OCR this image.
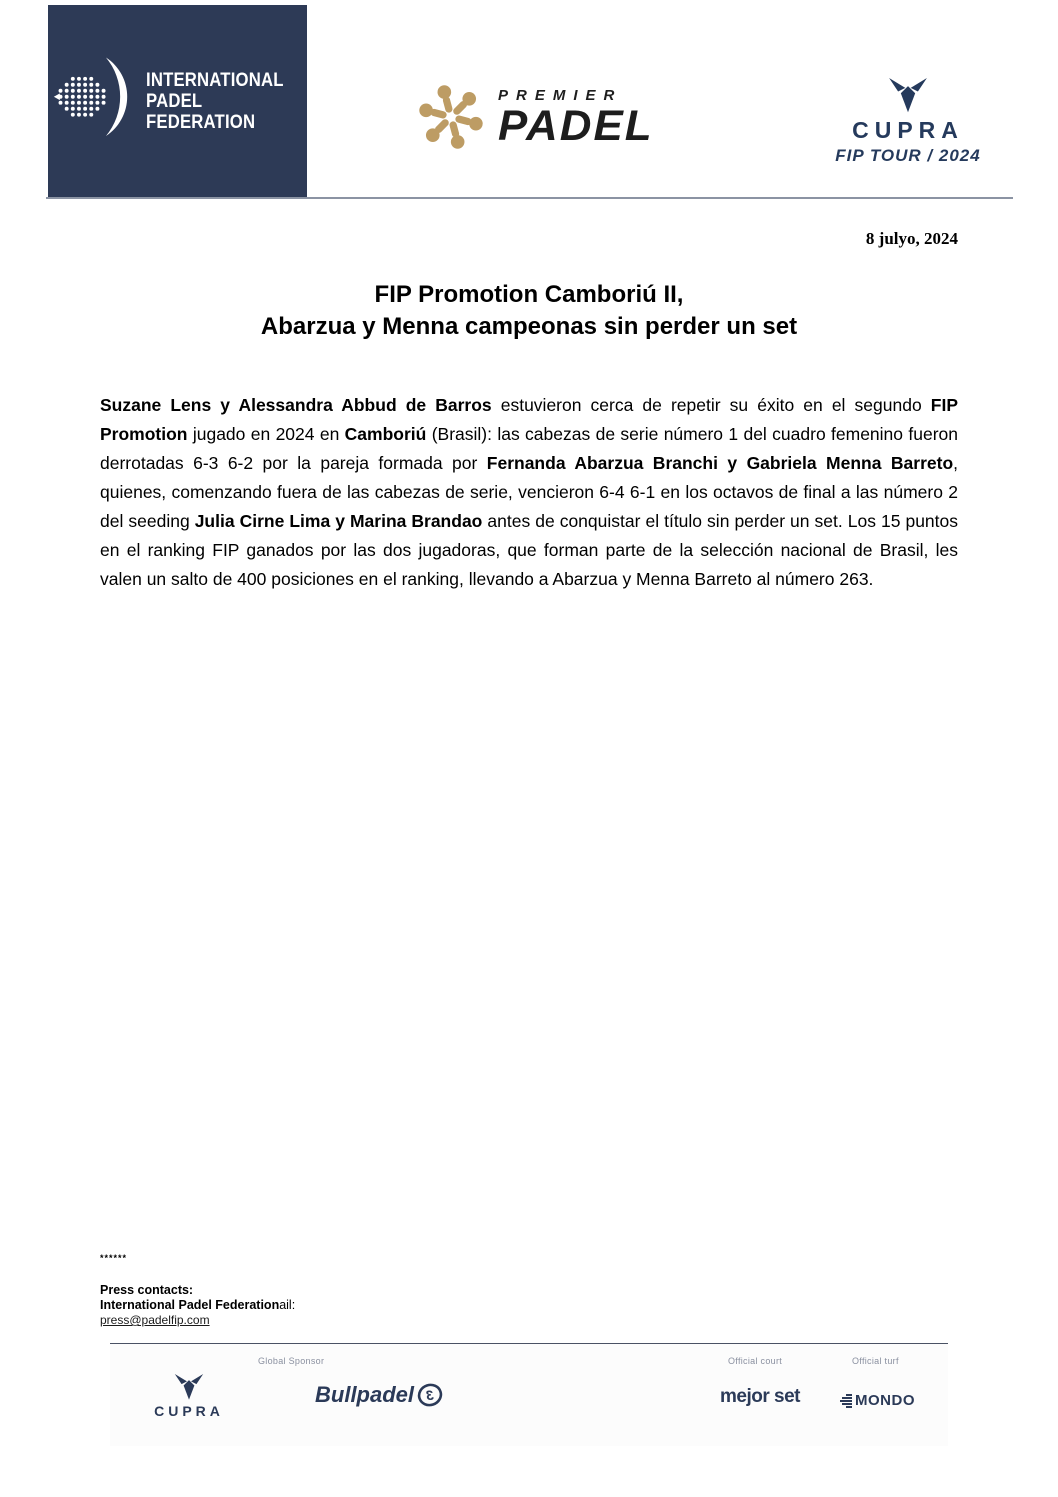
INTERNATIONAL
PADEL
FEDERATION
PREMIER
PADEL	CUPRA
FIP TOUR / 2024
8 julyo, 2024
FIP Promotion Camboriú II,
Abarzua y Menna campeonas sin perder un set

Suzane Lens y Alessandra Abbud de Barros estuvieron cerca de repetir su éxito en el segundo FIP Promotion jugado en 2024 en Camboriú (Brasil): las cabezas de serie número 1 del cuadro femenino fueron derrotadas 6-3 6-2 por la pareja formada por Fernanda Abarzua Branchi y Gabriela Menna Barreto, quienes, comenzando fuera de las cabezas de serie, vencieron 6-4 6-1 en los octavos de final a las número 2 del seeding Julia Cirne Lima y Marina Brandao antes de conquistar el título sin perder un set. Los 15 puntos en el ranking FIP ganados por las dos jugadoras, que forman parte de la selección nacional de Brasil, les valen un salto de 400 posiciones en el ranking, llevando a Abarzua y Menna Barreto al número 263.

******
Press contacts:
International Padel Federationail:
press@padelfip.com
Global Sponsor	Official court	Official turf
CUPRA
Bullpadel 3	mejor set	MONDO
